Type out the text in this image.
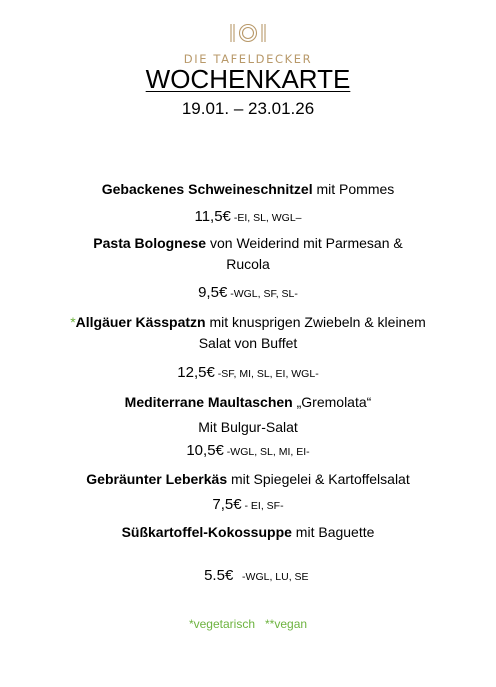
DIE TAFELDECKER
WOCHENKARTE
19.01. – 23.01.26
Gebackenes Schweineschnitzel mit Pommes
11,5€ -EI, SL, WGL–
Pasta Bolognese von Weiderind mit Parmesan & Rucola
9,5€ -WGL, SF, SL-
*Allgäuer Kässpatzn mit knusprigen Zwiebeln & kleinem Salat von Buffet
12,5€ -SF, MI, SL, EI, WGL-
Mediterrane Maultaschen „Gremolata“
Mit Bulgur-Salat
10,5€ -WGL, SL, MI, EI-
Gebräunter Leberkäs mit Spiegelei & Kartoffelsalat
7,5€ - EI, SF-
Süßkartoffel-Kokossuppe mit Baguette

5.5€   -WGL, LU, SE

*vegetarisch **vegan
